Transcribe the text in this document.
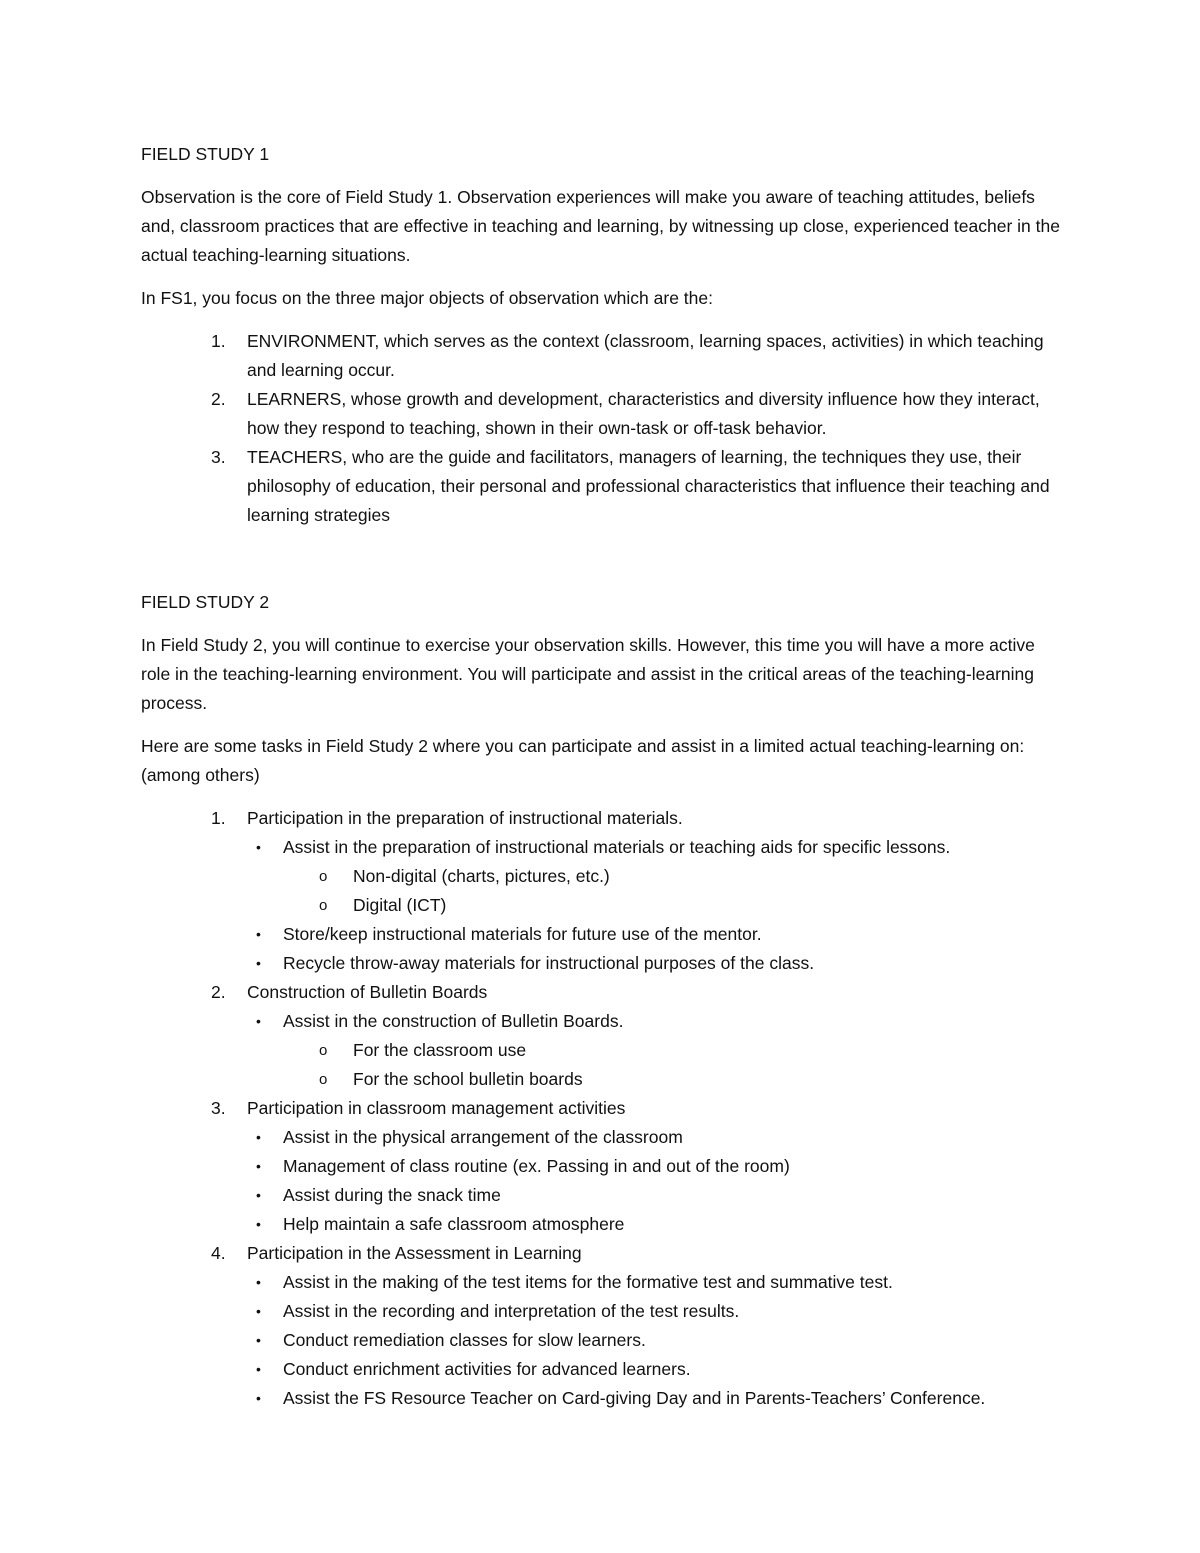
FIELD STUDY 1

Observation is the core of Field Study 1. Observation experiences will make you aware of teaching attitudes, beliefs and, classroom practices that are effective in teaching and learning, by witnessing up close, experienced teacher in the actual teaching-learning situations.

In FS1, you focus on the three major objects of observation which are the:

1.	ENVIRONMENT, which serves as the context (classroom, learning spaces, activities) in which teaching and learning occur.
2.	LEARNERS, whose growth and development, characteristics and diversity influence how they interact, how they respond to teaching, shown in their own-task or off-task behavior.
3.	TEACHERS, who are the guide and facilitators, managers of learning, the techniques they use, their philosophy of education, their personal and professional characteristics that influence their teaching and learning strategies

FIELD STUDY 2

In Field Study 2, you will continue to exercise your observation skills. However, this time you will have a more active role in the teaching-learning environment. You will participate and assist in the critical areas of the teaching-learning process.

Here are some tasks in Field Study 2 where you can participate and assist in a limited actual teaching-learning on: (among others)

1.	Participation in the preparation of instructional materials.
• Assist in the preparation of instructional materials or teaching aids for specific lessons.
o Non-digital (charts, pictures, etc.)
o Digital (ICT)
• Store/keep instructional materials for future use of the mentor.
• Recycle throw-away materials for instructional purposes of the class.
2.	Construction of Bulletin Boards
• Assist in the construction of Bulletin Boards.
o For the classroom use
o For the school bulletin boards
3.	Participation in classroom management activities
• Assist in the physical arrangement of the classroom
• Management of class routine (ex. Passing in and out of the room)
• Assist during the snack time
• Help maintain a safe classroom atmosphere
4.	Participation in the Assessment in Learning
• Assist in the making of the test items for the formative test and summative test.
• Assist in the recording and interpretation of the test results.
• Conduct remediation classes for slow learners.
• Conduct enrichment activities for advanced learners.
• Assist the FS Resource Teacher on Card-giving Day and in Parents-Teachers’ Conference.
